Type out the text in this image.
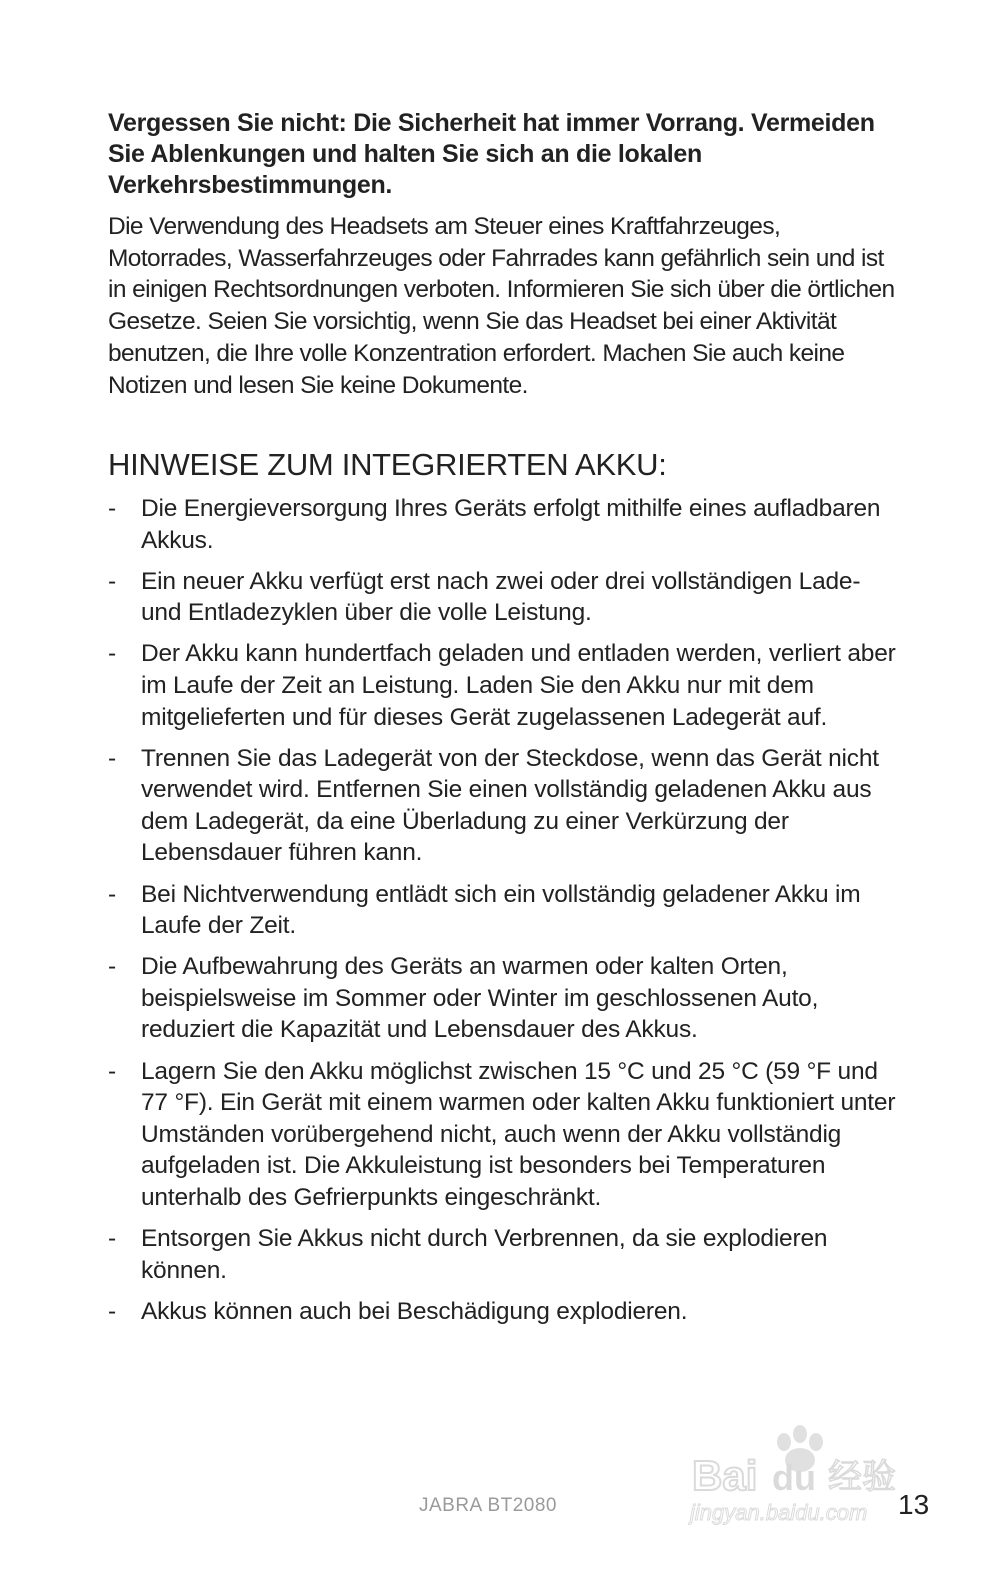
Vergessen Sie nicht: Die Sicherheit hat immer Vorrang. Vermeiden Sie Ablenkungen und halten Sie sich an die lokalen Verkehrsbestimmungen.

Die Verwendung des Headsets am Steuer eines Kraftfahrzeuges, Motorrades, Wasserfahrzeuges oder Fahrrades kann gefährlich sein und ist in einigen Rechtsordnungen verboten. Informieren Sie sich über die örtlichen Gesetze. Seien Sie vorsichtig, wenn Sie das Headset bei einer Aktivität benutzen, die Ihre volle Konzentration erfordert. Machen Sie auch keine Notizen und lesen Sie keine Dokumente.

HINWEISE ZUM INTEGRIERTEN AKKU:
- Die Energieversorgung Ihres Geräts erfolgt mithilfe eines aufladbaren Akkus.
- Ein neuer Akku verfügt erst nach zwei oder drei vollständigen Lade- und Entladezyklen über die volle Leistung.
- Der Akku kann hundertfach geladen und entladen werden, verliert aber im Laufe der Zeit an Leistung. Laden Sie den Akku nur mit dem mitgelieferten und für dieses Gerät zugelassenen Ladegerät auf.
- Trennen Sie das Ladegerät von der Steckdose, wenn das Gerät nicht verwendet wird. Entfernen Sie einen vollständig geladenen Akku aus dem Ladegerät, da eine Überladung zu einer Verkürzung der Lebensdauer führen kann.
- Bei Nichtverwendung entlädt sich ein vollständig geladener Akku im Laufe der Zeit.
- Die Aufbewahrung des Geräts an warmen oder kalten Orten, beispielsweise im Sommer oder Winter im geschlossenen Auto, reduziert die Kapazität und Lebensdauer des Akkus.
- Lagern Sie den Akku möglichst zwischen 15 °C und 25 °C (59 °F und 77 °F). Ein Gerät mit einem warmen oder kalten Akku funktioniert unter Umständen vorübergehend nicht, auch wenn der Akku vollständig aufgeladen ist. Die Akkuleistung ist besonders bei Temperaturen unterhalb des Gefrierpunkts eingeschränkt.
- Entsorgen Sie Akkus nicht durch Verbrennen, da sie explodieren können.
- Akkus können auch bei Beschädigung explodieren.
JABRA BT2080
Bai du 经验
jingyan.baidu.com 13
